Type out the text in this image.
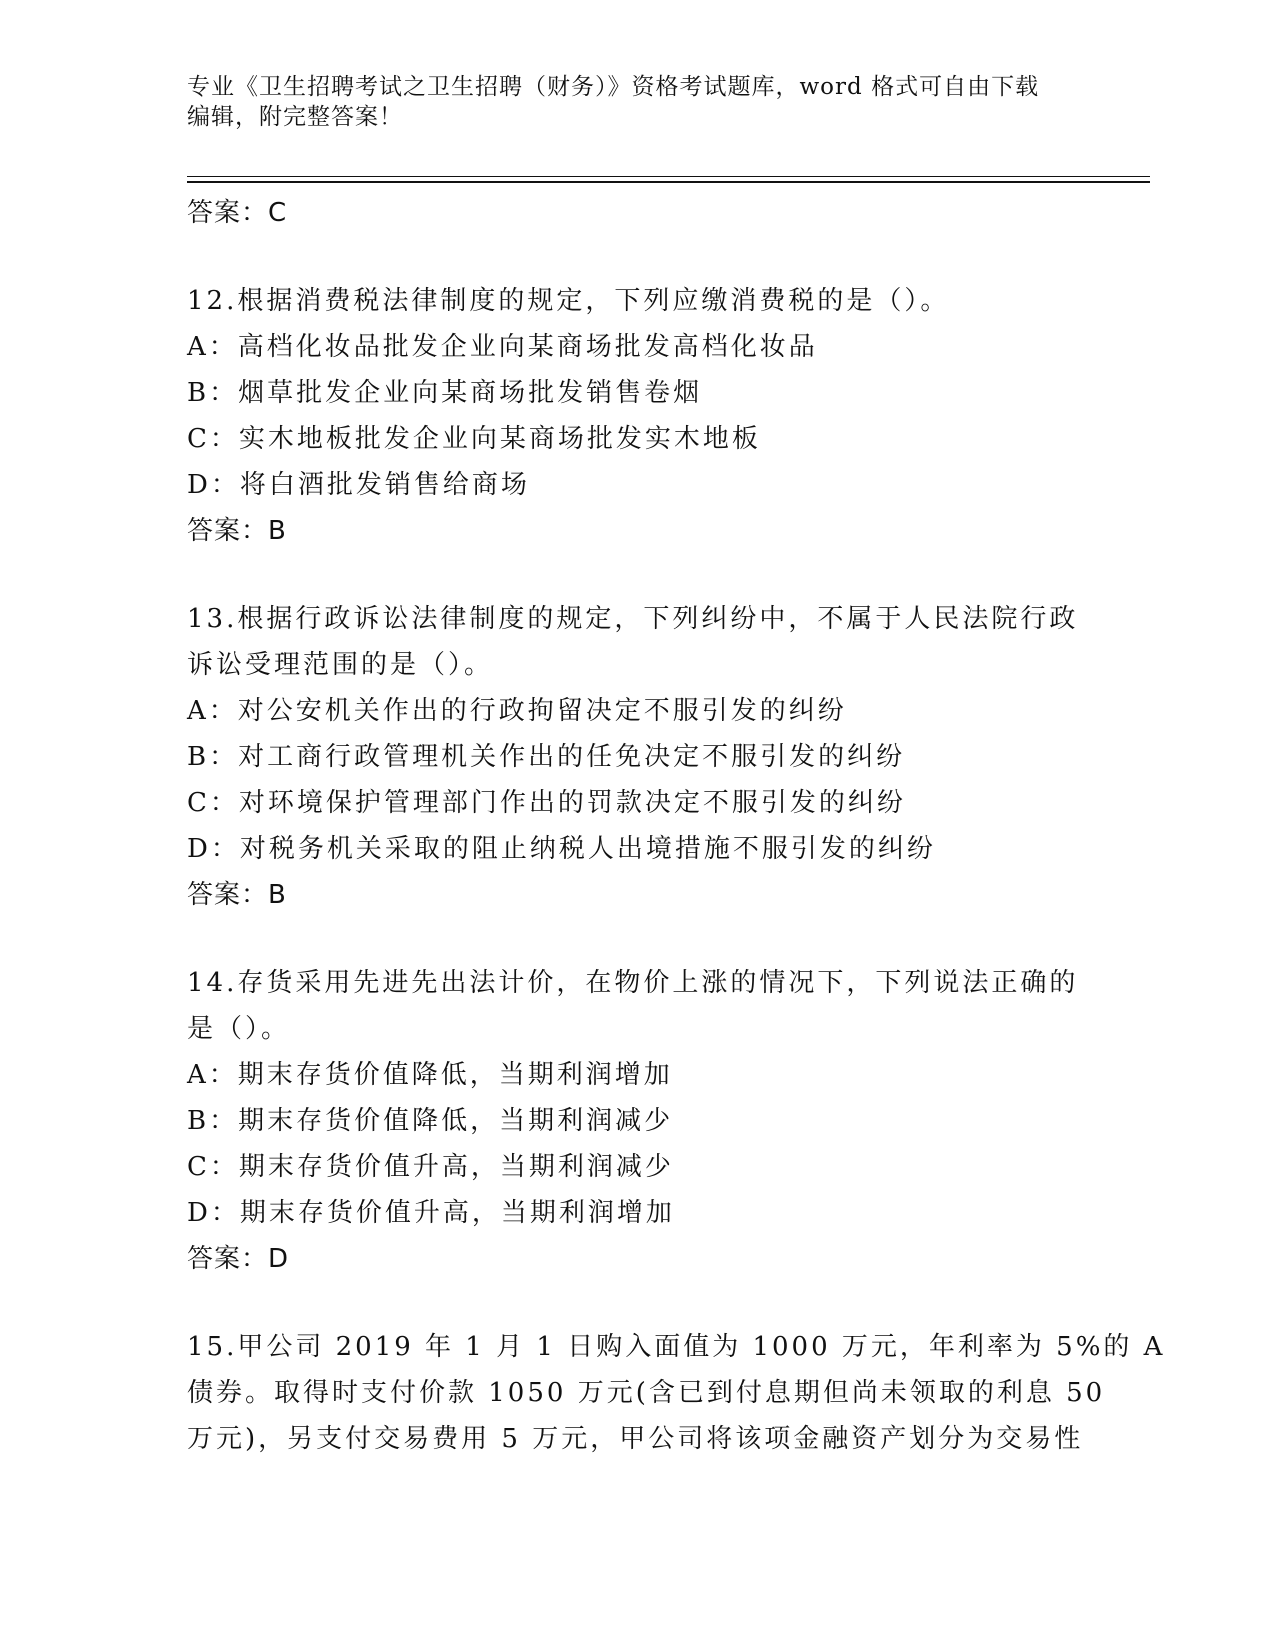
专业《卫生招聘考试之卫生招聘（财务）》资格考试题库，word 格式可自由下载
编辑，附完整答案！
答案：C
12.根据消费税法律制度的规定，下列应缴消费税的是（）。
A：高档化妆品批发企业向某商场批发高档化妆品
B：烟草批发企业向某商场批发销售卷烟
C：实木地板批发企业向某商场批发实木地板
D：将白酒批发销售给商场
答案：B
13.根据行政诉讼法律制度的规定，下列纠纷中，不属于人民法院行政
诉讼受理范围的是（）。
A：对公安机关作出的行政拘留决定不服引发的纠纷
B：对工商行政管理机关作出的任免决定不服引发的纠纷
C：对环境保护管理部门作出的罚款决定不服引发的纠纷
D：对税务机关采取的阻止纳税人出境措施不服引发的纠纷
答案：B
14.存货采用先进先出法计价，在物价上涨的情况下，下列说法正确的
是（）。
A：期末存货价值降低，当期利润增加
B：期末存货价值降低，当期利润减少
C：期末存货价值升高，当期利润减少
D：期末存货价值升高，当期利润增加
答案：D
15.甲公司 2019 年 1 月 1 日购入面值为 1000 万元，年利率为 5%的 A
债券。取得时支付价款 1050 万元(含已到付息期但尚未领取的利息 50
万元)，另支付交易费用 5 万元，甲公司将该项金融资产划分为交易性
